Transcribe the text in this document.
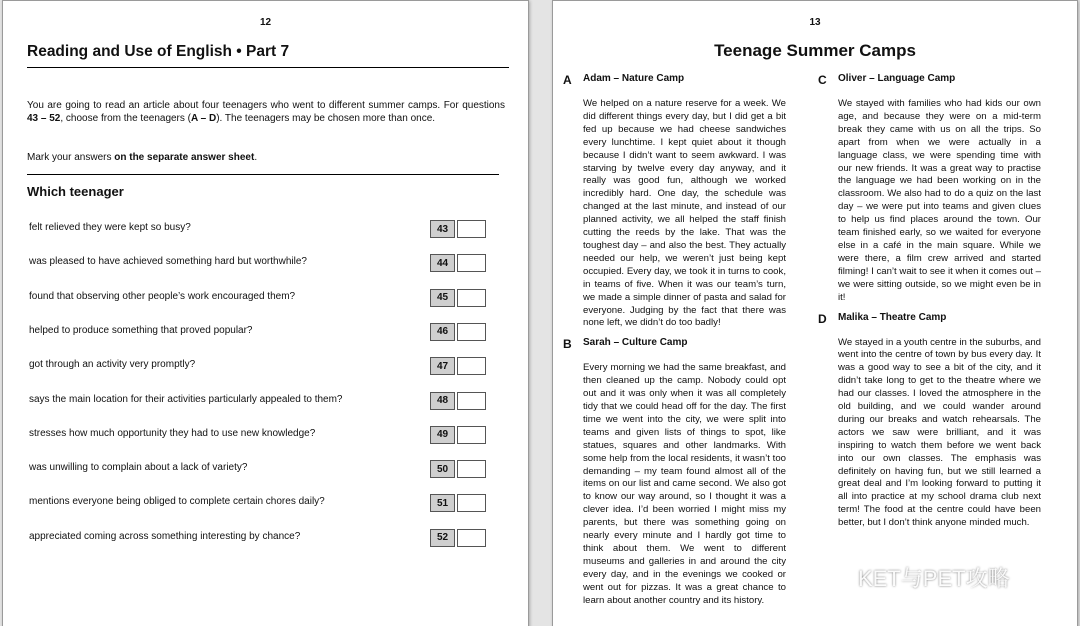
12
Reading and Use of English • Part 7

You are going to read an article about four teenagers who went to different summer camps. For questions 43 – 52, choose from the teenagers (A – D). The teenagers may be chosen more than once.

Mark your answers on the separate answer sheet.

Which teenager
felt relieved they were kept so busy?	43
was pleased to have achieved something hard but worthwhile?	44
found that observing other people’s work encouraged them?	45
helped to produce something that proved popular?	46
got through an activity very promptly?	47
says the main location for their activities particularly appealed to them?	48
stresses how much opportunity they had to use new knowledge?	49
was unwilling to complain about a lack of variety?	50
mentions everyone being obliged to complete certain chores daily?	51
appreciated coming across something interesting by chance?	52
13
Teenage Summer Camps
A Adam – Nature Camp

We helped on a nature reserve for a week. We did different things every day, but I did get a bit fed up because we had cheese sandwiches every lunchtime. I kept quiet about it though because I didn’t want to seem awkward. I was starving by twelve every day anyway, and it really was good fun, although we worked incredibly hard. One day, the schedule was changed at the last minute, and instead of our planned activity, we all helped the staff finish cutting the reeds by the lake. That was the toughest day – and also the best. They actually needed our help, we weren’t just being kept occupied. Every day, we took it in turns to cook, in teams of five. When it was our team’s turn, we made a simple dinner of pasta and salad for everyone. Judging by the fact that there was none left, we didn’t do too badly!

B Sarah – Culture Camp

Every morning we had the same breakfast, and then cleaned up the camp. Nobody could opt out and it was only when it was all completely tidy that we could head off for the day. The first time we went into the city, we were split into teams and given lists of things to spot, like statues, squares and other landmarks. With some help from the local residents, it wasn’t too demanding – my team found almost all of the items on our list and came second. We also got to know our way around, so I thought it was a clever idea. I’d been worried I might miss my parents, but there was something going on nearly every minute and I hardly got time to think about them. We went to different museums and galleries in and around the city every day, and in the evenings we cooked or went out for pizzas. It was a great chance to learn about another country and its history.

C Oliver – Language Camp

We stayed with families who had kids our own age, and because they were on a mid-term break they came with us on all the trips. So apart from when we were actually in a language class, we were spending time with our new friends. It was a great way to practise the language we had been working on in the classroom. We also had to do a quiz on the last day – we were put into teams and given clues to help us find places around the town. Our team finished early, so we waited for everyone else in a café in the main square. While we were there, a film crew arrived and started filming! I can’t wait to see it when it comes out – we were sitting outside, so we might even be in it!

D Malika – Theatre Camp

We stayed in a youth centre in the suburbs, and went into the centre of town by bus every day. It was a good way to see a bit of the city, and it didn’t take long to get to the theatre where we had our classes. I loved the atmosphere in the old building, and we could wander around during our breaks and watch rehearsals. The actors we saw were brilliant, and it was inspiring to watch them before we went back into our own classes. The emphasis was definitely on having fun, but we still learned a great deal and I’m looking forward to putting it all into practice at my school drama club next term! The food at the centre could have been better, but I don’t think anyone minded much.

KET与PET攻略
